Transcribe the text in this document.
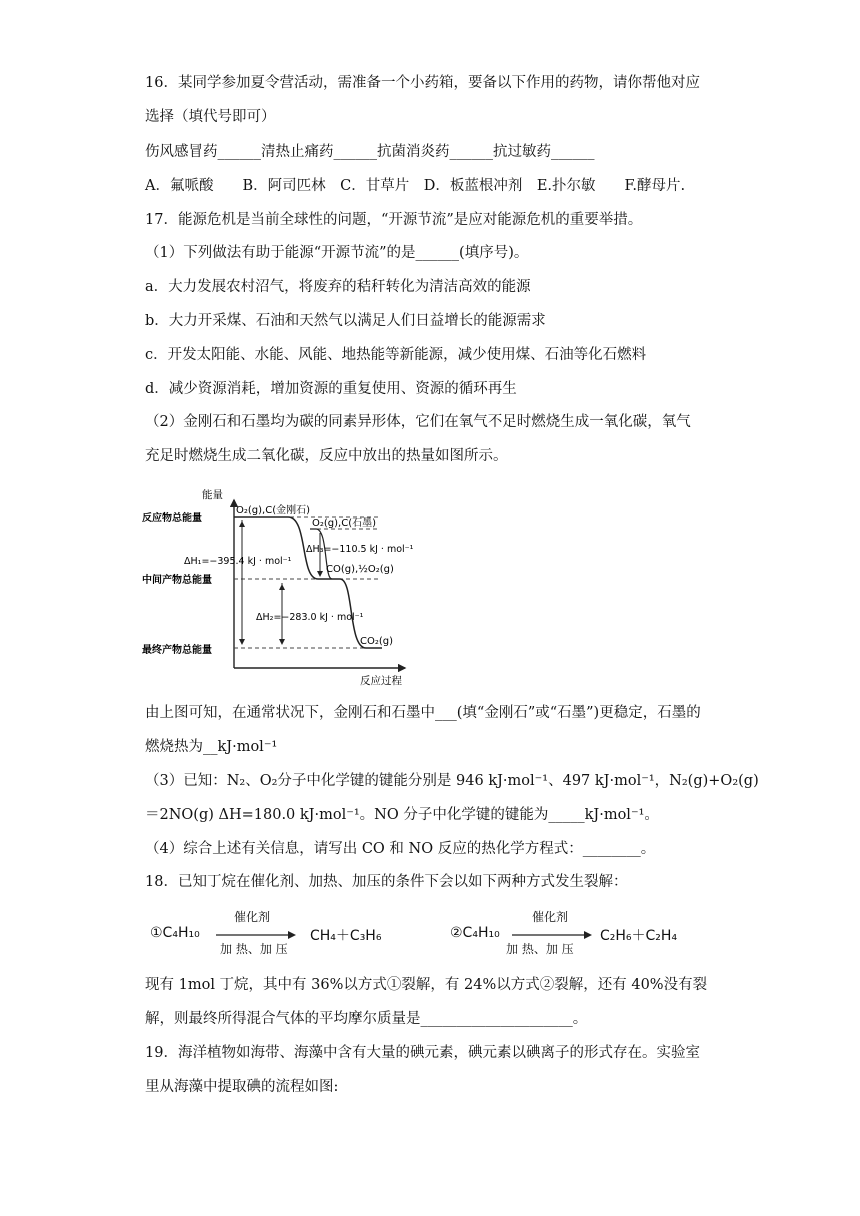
16．某同学参加夏令营活动，需准备一个小药箱，要备以下作用的药物，请你帮他对应
选择（填代号即可）
伤风感冒药______清热止痛药______抗菌消炎药______抗过敏药______
A．氟哌酸　　B．阿司匹林　C．甘草片　D．板蓝根冲剂　E.扑尔敏　　F.酵母片.
17．能源危机是当前全球性的问题，“开源节流”是应对能源危机的重要举措。
（1）下列做法有助于能源“开源节流”的是______(填序号)。
a．大力发展农村沼气，将废弃的秸秆转化为清洁高效的能源
b．大力开采煤、石油和天然气以满足人们日益增长的能源需求
c．开发太阳能、水能、风能、地热能等新能源，减少使用煤、石油等化石燃料
d．减少资源消耗，增加资源的重复使用、资源的循环再生
（2）金刚石和石墨均为碳的同素异形体，它们在氧气不足时燃烧生成一氧化碳，氧气
充足时燃烧生成二氧化碳，反应中放出的热量如图所示。
能量
反应过程
反应物总能量
中间产物总能量
最终产物总能量
O₂(g),C(金刚石)
O₂(g),C(石墨)
CO(g),½O₂(g)
CO₂(g)
ΔH₁=−395.4 kJ · mol⁻¹
ΔH₃=−110.5 kJ · mol⁻¹
ΔH₂=−283.0 kJ · mol⁻¹
由上图可知，在通常状况下，金刚石和石墨中___(填“金刚石”或“石墨”)更稳定，石墨的
燃烧热为__kJ·mol⁻¹
（3）已知：N₂、O₂分子中化学键的键能分别是 946 kJ·mol⁻¹、497 kJ·mol⁻¹，N₂(g)+O₂(g)
＝2NO(g) ΔH=180.0 kJ·mol⁻¹。NO 分子中化学键的键能为_____kJ·mol⁻¹。
（4）综合上述有关信息，请写出 CO 和 NO 反应的热化学方程式：________。
18．已知丁烷在催化剂、加热、加压的条件下会以如下两种方式发生裂解：
①C₄H₁₀
催化剂
加 热、加 压
CH₄＋C₃H₆	②C₄H₁₀
催化剂
加 热、加 压
C₂H₆＋C₂H₄
现有 1mol 丁烷，其中有 36%以方式①裂解，有 24%以方式②裂解，还有 40%没有裂
解，则最终所得混合气体的平均摩尔质量是_____________________。
19．海洋植物如海带、海藻中含有大量的碘元素，碘元素以碘离子的形式存在。实验室
里从海藻中提取碘的流程如图:
